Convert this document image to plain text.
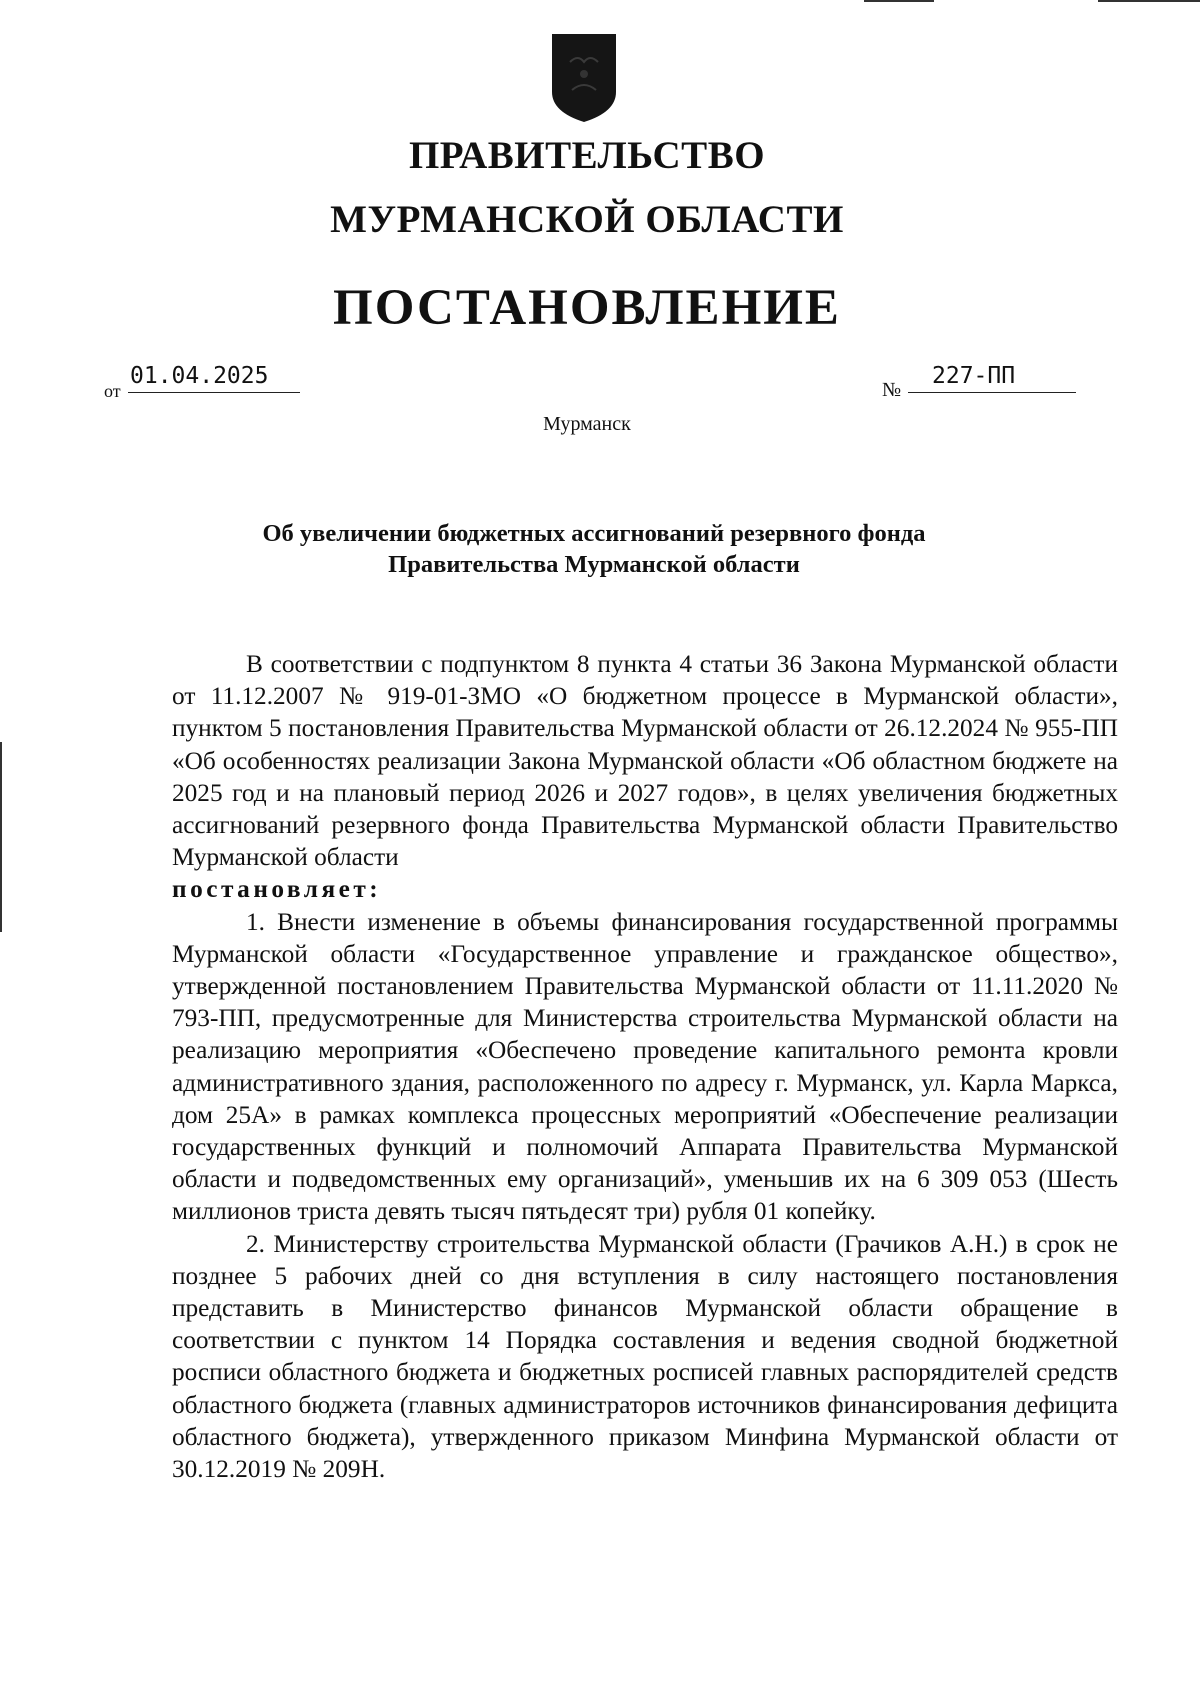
ПРАВИТЕЛЬСТВО
МУРМАНСКОЙ ОБЛАСТИ
ПОСТАНОВЛЕНИЕ
от
01.04.2025
№
227-ПП
Мурманск
Об увеличении бюджетных ассигнований резервного фонда
Правительства Мурманской области

В соответствии с подпунктом 8 пункта 4 статьи 36 Закона Мурманской области от 11.12.2007 № 919-01-ЗМО «О бюджетном процессе в Мурманской области», пунктом 5 постановления Правительства Мурманской области от 26.12.2024 № 955-ПП «Об особенностях реализации Закона Мурманской области «Об областном бюджете на 2025 год и на плановый период 2026 и 2027 годов», в целях увеличения бюджетных ассигнований резервного фонда Правительства Мурманской области Правительство Мурманской области
постановляет:

1. Внести изменение в объемы финансирования государственной программы Мурманской области «Государственное управление и гражданское общество», утвержденной постановлением Правительства Мурманской области от 11.11.2020 № 793-ПП, предусмотренные для Министерства строительства Мурманской области на реализацию мероприятия «Обеспечено проведение капитального ремонта кровли административного здания, расположенного по адресу г. Мурманск, ул. Карла Маркса, дом 25А» в рамках комплекса процессных мероприятий «Обеспечение реализации государственных функций и полномочий Аппарата Правительства Мурманской области и подведомственных ему организаций», уменьшив их на 6 309 053 (Шесть миллионов триста девять тысяч пятьдесят три) рубля 01 копейку.

2. Министерству строительства Мурманской области (Грачиков А.Н.) в срок не позднее 5 рабочих дней со дня вступления в силу настоящего постановления представить в Министерство финансов Мурманской области обращение в соответствии с пунктом 14 Порядка составления и ведения сводной бюджетной росписи областного бюджета и бюджетных росписей главных распорядителей средств областного бюджета (главных администраторов источников финансирования дефицита областного бюджета), утвержденного приказом Минфина Мурманской области от 30.12.2019 № 209Н.
